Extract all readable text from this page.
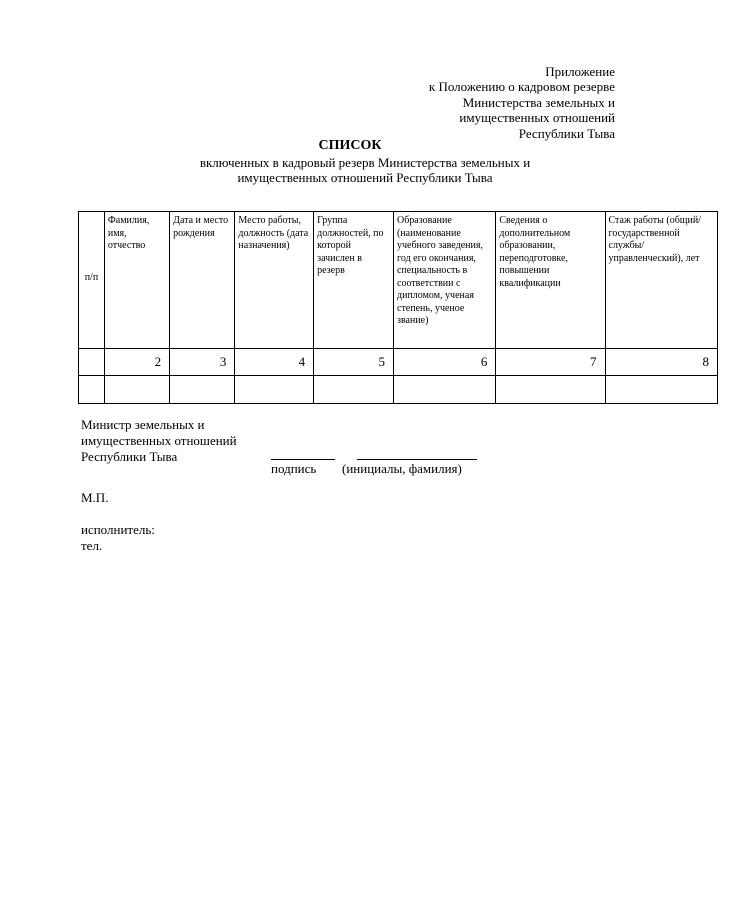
Приложение
к Положению о кадровом резерве
Министерства земельных и
имущественных отношений
Республики Тыва
СПИСОК
включенных в кадровый резерв Министерства земельных и
имущественных отношений Республики Тыва
п/п	Фамилия, имя, отчество	Дата и место рождения	Место работы, должность (дата назначения)	Группа должностей, по которой зачислен в резерв	Образование (наименование учебного заведения, год его окончания, специальность в соответствии с дипломом, ученая степень, ученое звание)	Сведения о дополнительном образовании, переподготовке, повышении квалификации	Стаж работы (общий/ государственной службы/ управленческий), лет
	2	3	4	5	6	7	8

Министр земельных и
имущественных отношений
Республики Тыва
подпись (инициалы, фамилия)
М.П.
исполнитель:
тел.
